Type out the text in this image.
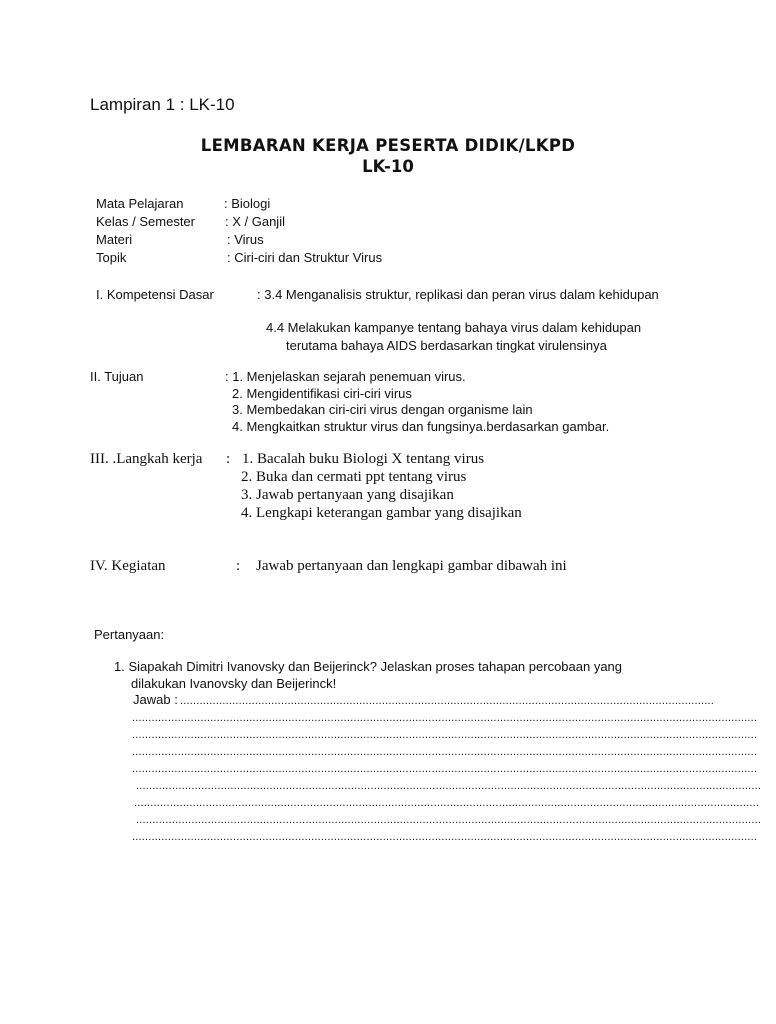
Lampiran 1 : LK-10
LEMBARAN KERJA PESERTA DIDIK/LKPD
LK-10
Mata Pelajaran	: Biologi
Kelas / Semester : X / Ganjil
Materi	: Virus
Topik	: Ciri-ciri dan Struktur Virus
I. Kompetensi Dasar	: 3.4 Menganalisis struktur, replikasi dan peran virus dalam kehidupan
4.4 Melakukan kampanye tentang bahaya virus dalam kehidupan
terutama bahaya AIDS berdasarkan tingkat virulensinya
II. Tujuan	: 1. Menjelaskan sejarah penemuan virus.
2. Mengidentifikasi ciri-ciri virus
3. Membedakan ciri-ciri virus dengan organisme lain
4. Mengkaitkan struktur virus dan fungsinya.berdasarkan gambar.
III. .Langkah kerja : 1. Bacalah buku Biologi X tentang virus
2. Buka dan cermati ppt tentang virus
3. Jawab pertanyaan yang disajikan
4. Lengkapi keterangan gambar yang disajikan
IV. Kegiatan	: Jawab pertanyaan dan lengkapi gambar dibawah ini
Pertanyaan:
1. Siapakah Dimitri Ivanovsky dan Beijerinck? Jelaskan proses tahapan percobaan yang
dilakukan Ivanovsky dan Beijerinck!
Jawab : ....................................................................................................................................................................
................................................................................................................................................................................................
................................................................................................................................................................................................
................................................................................................................................................................................................
................................................................................................................................................................................................
................................................................................................................................................................................................
................................................................................................................................................................................................
................................................................................................................................................................................................
................................................................................................................................................................................................
